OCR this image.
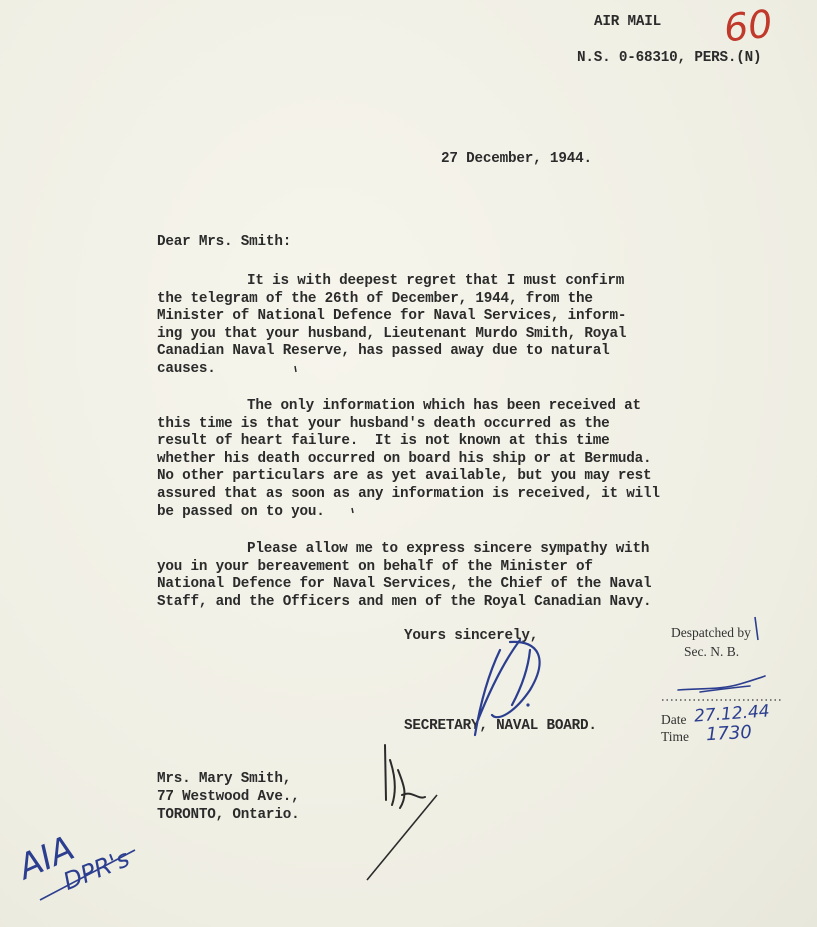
AIR MAIL
N.S. 0-68310, PERS.(N)
60
27 December, 1944.
Dear Mrs. Smith:
It is with deepest regret that I must confirm
the telegram of the 26th of December, 1944, from the
Minister of National Defence for Naval Services, inform-
ing you that your husband, Lieutenant Murdo Smith, Royal
Canadian Naval Reserve, has passed away due to natural
causes.
The only information which has been received at
this time is that your husband's death occurred as the
result of heart failure.  It is not known at this time
whether his death occurred on board his ship or at Bermuda.
No other particulars are as yet available, but you may rest
assured that as soon as any information is received, it will
be passed on to you.
Please allow me to express sincere sympathy with
you in your bereavement on behalf of the Minister of
National Defence for Naval Services, the Chief of the Naval
Staff, and the Officers and men of the Royal Canadian Navy.
Yours sincerely,
SECRETARY, NAVAL BOARD.
Mrs. Mary Smith,
77 Westwood Ave.,
TORONTO, Ontario.
Despatched by
Sec. N. B.
Date
Time
27.12.44
1730
AIA
DPR's
